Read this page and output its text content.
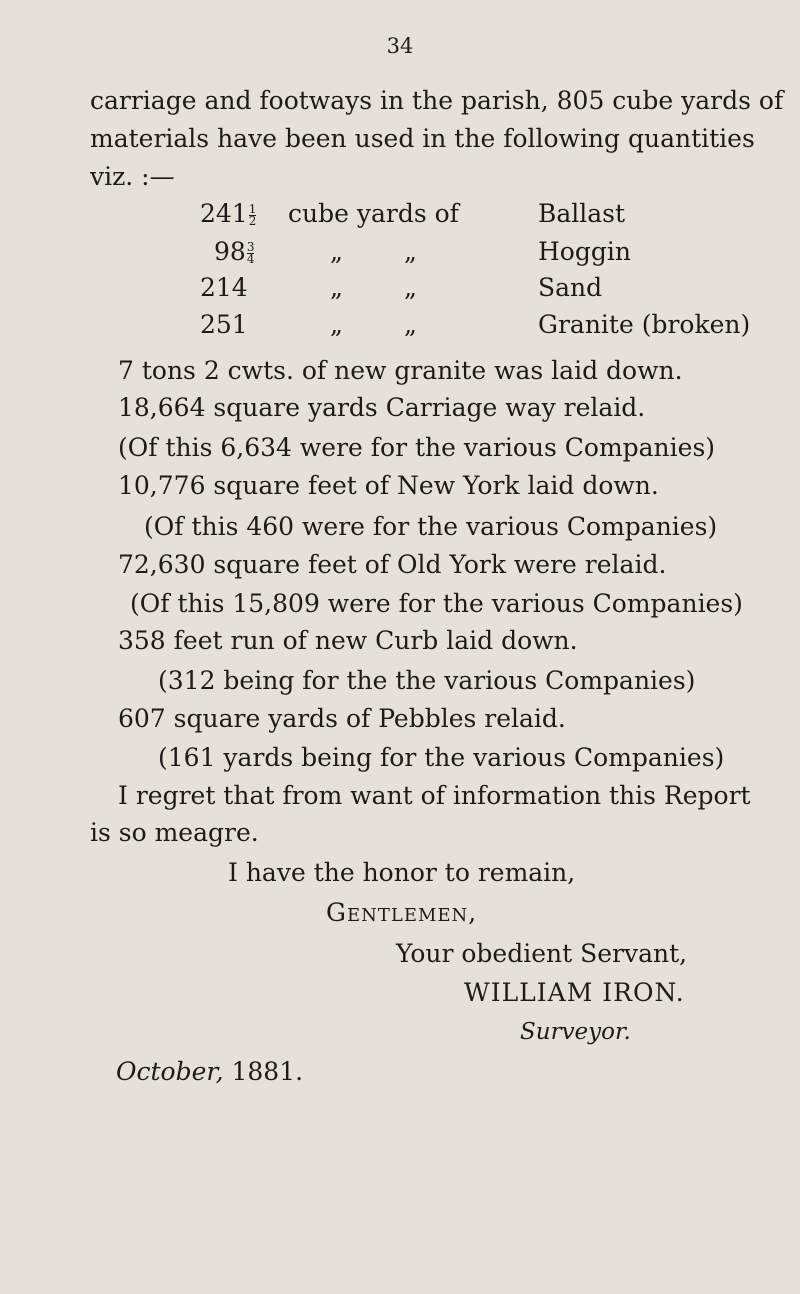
34
carriage and footways in the parish, 805 cube yards of
materials have been used in the following quantities
viz. :—
$241 \frac{1}{2}$ cube yards of	Ballast
$98 \frac{3}{4}$	„ „	Hoggin
214	„ „	Sand
251	„ „	Granite (broken)
7 tons 2 cwts. of new granite was laid down.
18,664 square yards Carriage way relaid.
(Of this 6,634 were for the various Companies)
10,776 square feet of New York laid down.
(Of this 460 were for the various Companies)
72,630 square feet of Old York were relaid.
(Of this 15,809 were for the various Companies)
358 feet run of new Curb laid down.
(312 being for the the various Companies)
607 square yards of Pebbles relaid.
(161 yards being for the various Companies)
I regret that from want of information this Report
is so meagre.
I have the honor to remain,
Gentlemen,
Your obedient Servant,
WILLIAM IRON.
Surveyor.
October, 1881.
